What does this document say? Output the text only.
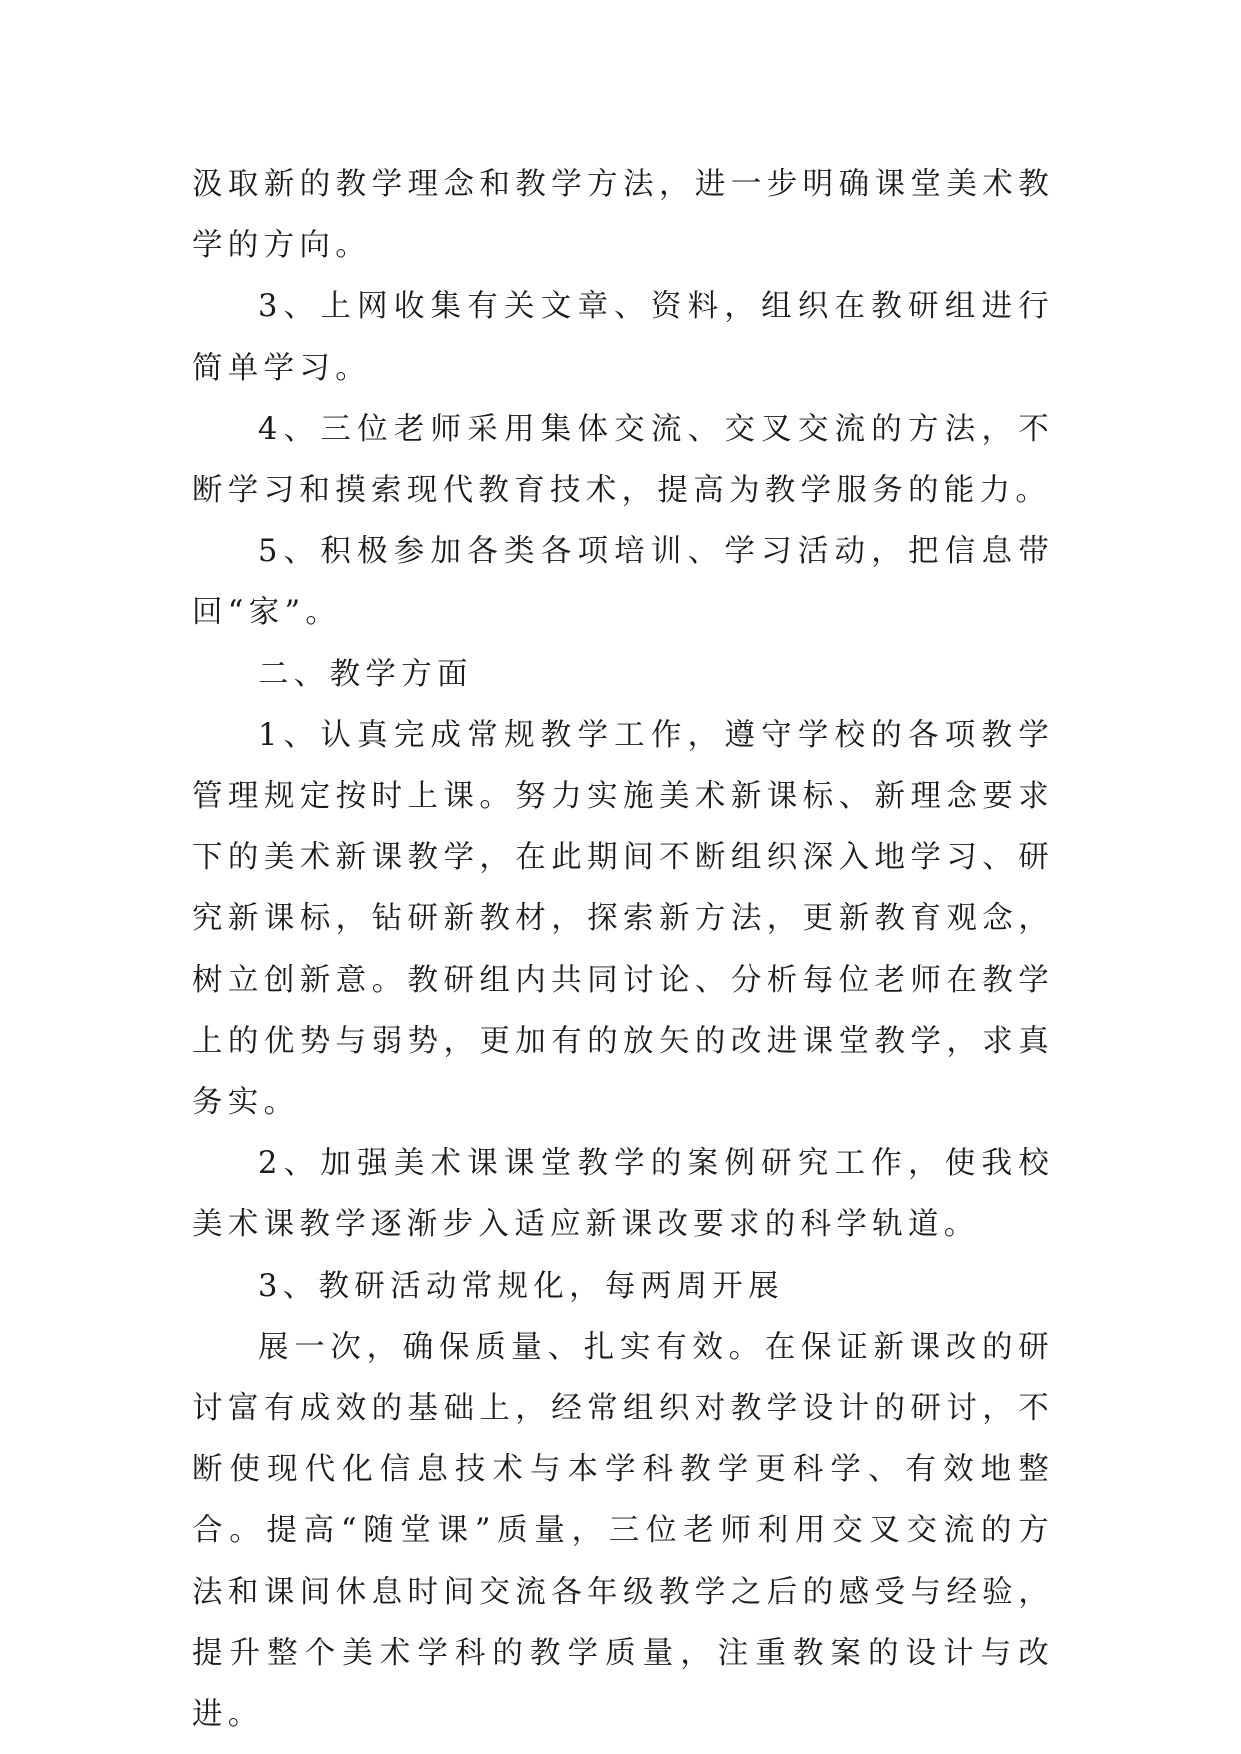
汲取新的教学理念和教学方法，进一步明确课堂美术教学的方向。

3、上网收集有关文章、资料，组织在教研组进行简单学习。

4、三位老师采用集体交流、交叉交流的方法，不断学习和摸索现代教育技术，提高为教学服务的能力。

5、积极参加各类各项培训、学习活动，把信息带回“家”。

二、教学方面

1、认真完成常规教学工作，遵守学校的各项教学管理规定按时上课。努力实施美术新课标、新理念要求下的美术新课教学，在此期间不断组织深入地学习、研究新课标，钻研新教材，探索新方法，更新教育观念，树立创新意。教研组内共同讨论、分析每位老师在教学上的优势与弱势，更加有的放矢的改进课堂教学，求真务实。

2、加强美术课课堂教学的案例研究工作，使我校美术课教学逐渐步入适应新课改要求的科学轨道。

3、教研活动常规化，每两周开展

展一次，确保质量、扎实有效。在保证新课改的研讨富有成效的基础上，经常组织对教学设计的研讨，不断使现代化信息技术与本学科教学更科学、有效地整合。提高“随堂课”质量，三位老师利用交叉交流的方法和课间休息时间交流各年级教学之后的感受与经验，提升整个美术学科的教学质量，注重教案的设计与改进。
